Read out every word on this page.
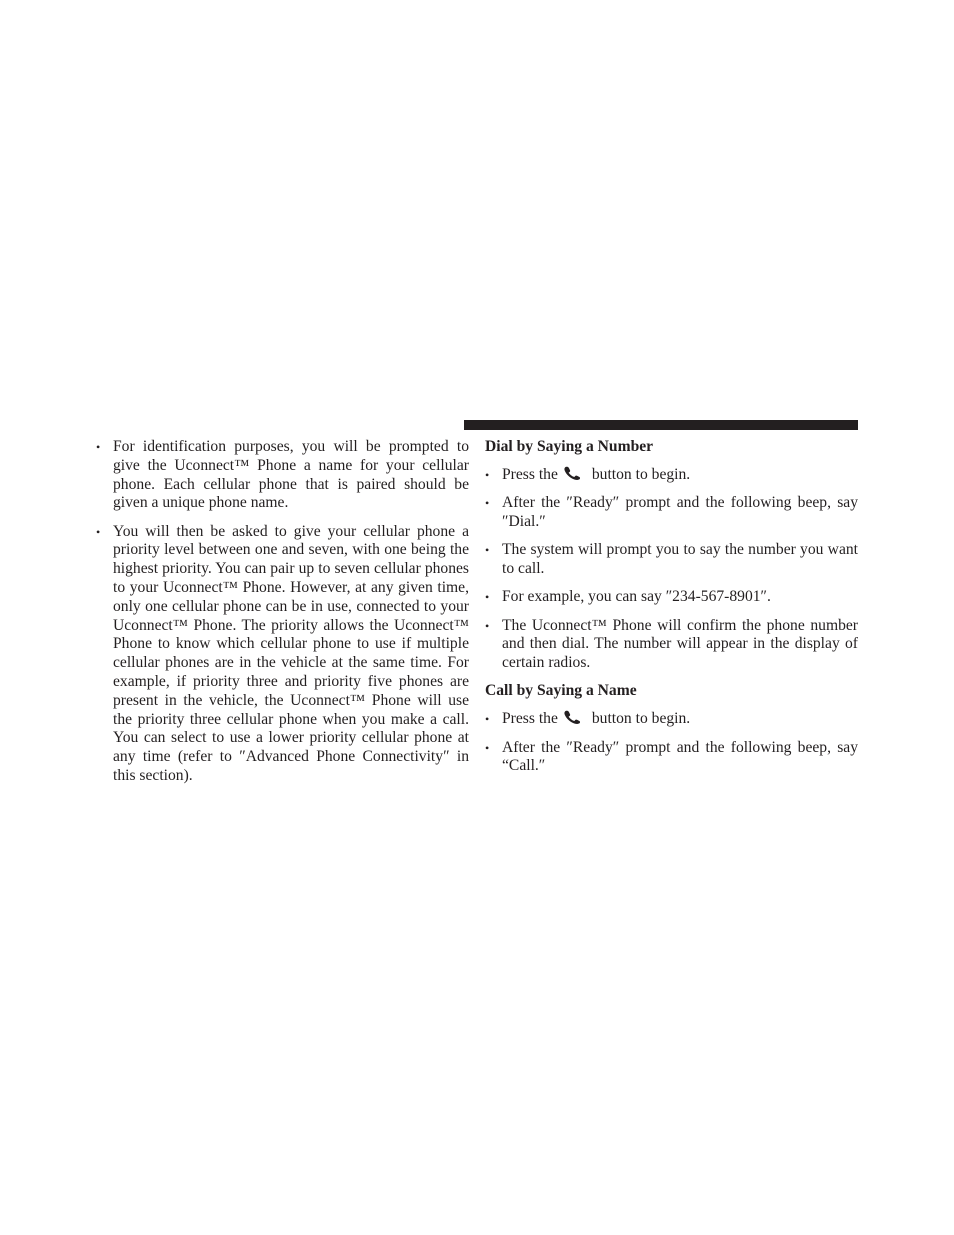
• For identification purposes, you will be prompted to give the Uconnect™ Phone a name for your cellular phone. Each cellular phone that is paired should be given a unique phone name.
• You will then be asked to give your cellular phone a priority level between one and seven, with one being the highest priority. You can pair up to seven cellular phones to your Uconnect™ Phone. However, at any given time, only one cellular phone can be in use, connected to your Uconnect™ Phone. The priority allows the Uconnect™ Phone to know which cellular phone to use if multiple cellular phones are in the vehicle at the same time. For example, if priority three and priority five phones are present in the vehicle, the Uconnect™ Phone will use the priority three cellular phone when you make a call. You can select to use a lower priority cellular phone at any time (refer to ″Advanced Phone Connectivity″ in this section).
Dial by Saying a Number
• Press the button to begin.
• After the ″Ready″ prompt and the following beep, say ″Dial.″
• The system will prompt you to say the number you want to call.
• For example, you can say ″234-567-8901″.
• The Uconnect™ Phone will confirm the phone number and then dial. The number will appear in the display of certain radios.
Call by Saying a Name
• Press the button to begin.
• After the ″Ready″ prompt and the following beep, say “Call.″
